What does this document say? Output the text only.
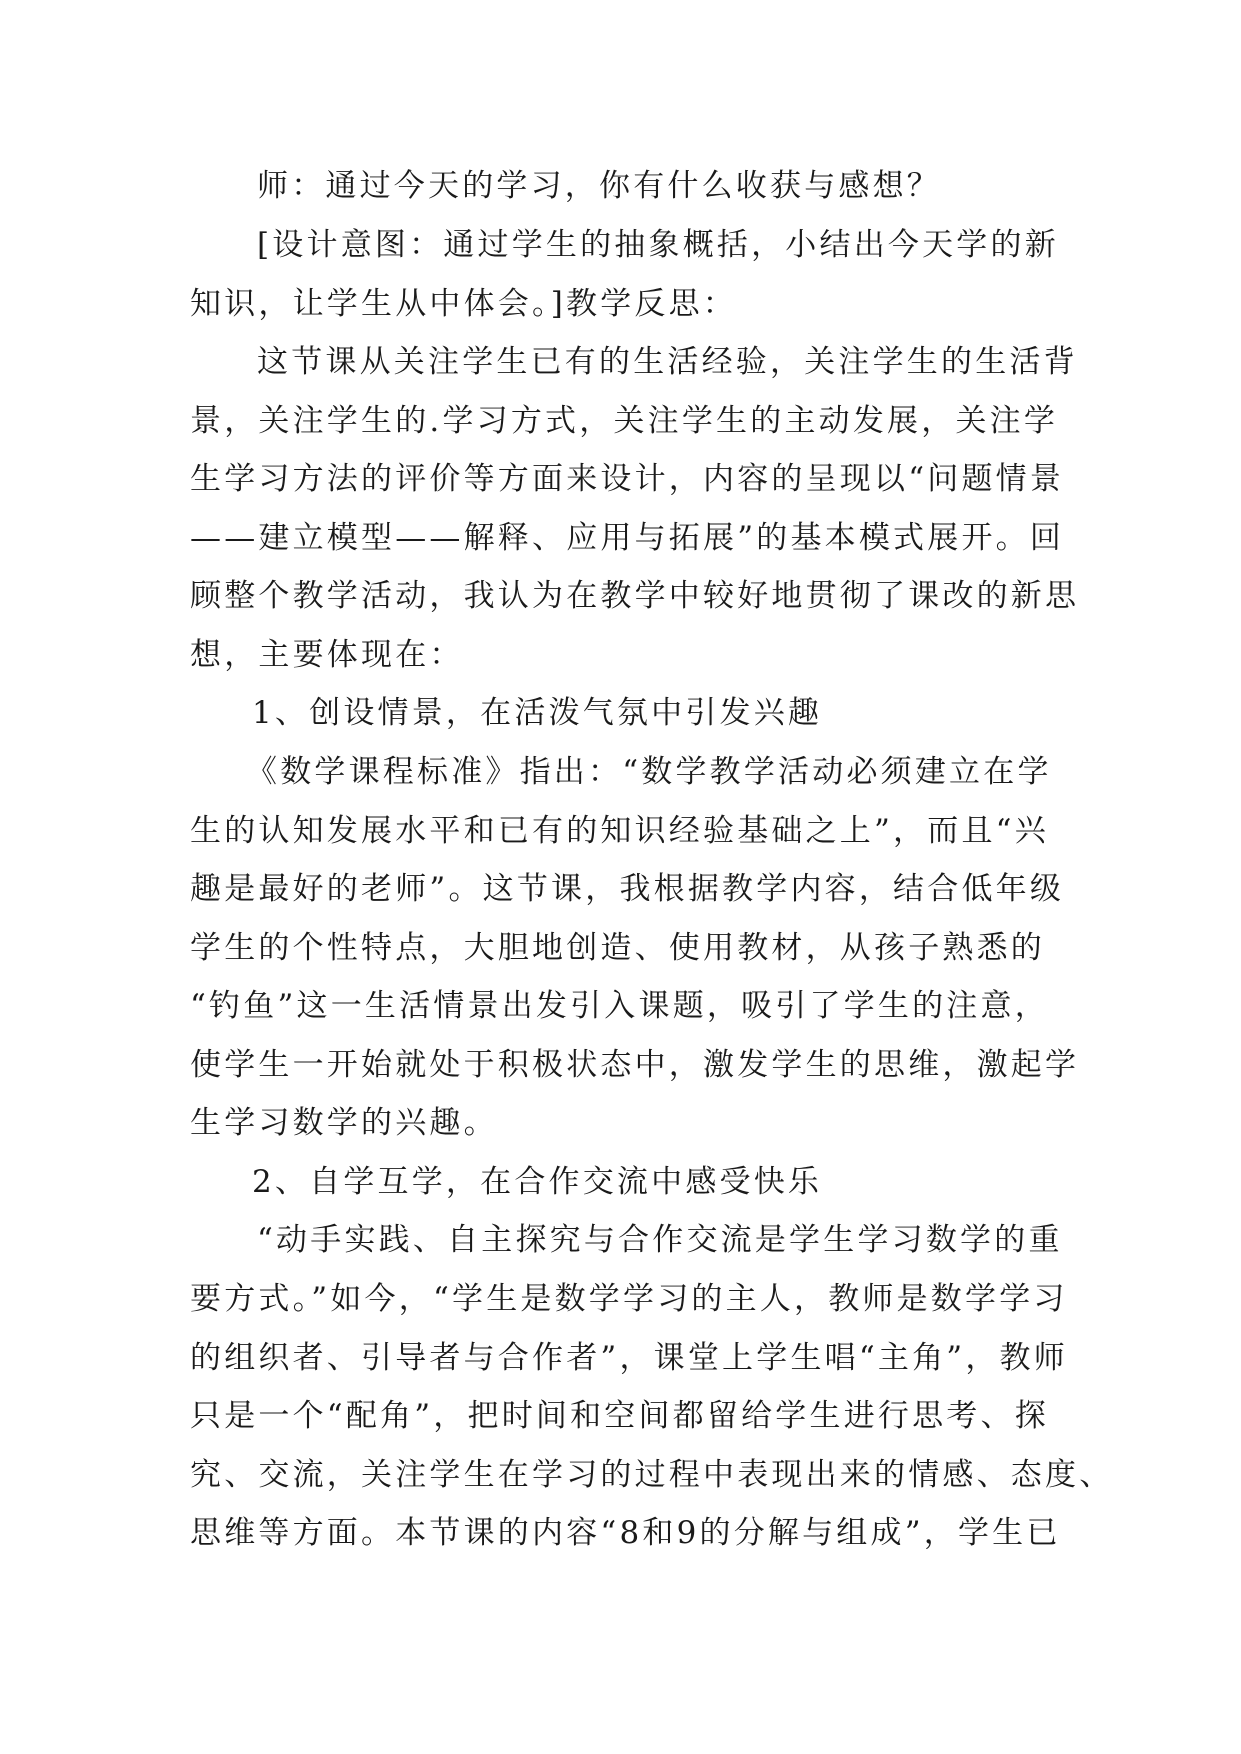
师：通过今天的学习，你有什么收获与感想？
[设计意图：通过学生的抽象概括，小结出今天学的新
知识，让学生从中体会。]教学反思：
这节课从关注学生已有的生活经验，关注学生的生活背
景，关注学生的.学习方式，关注学生的主动发展，关注学
生学习方法的评价等方面来设计，内容的呈现以“问题情景
——建立模型——解释、应用与拓展”的基本模式展开。回
顾整个教学活动，我认为在教学中较好地贯彻了课改的新思
想，主要体现在：
1、创设情景，在活泼气氛中引发兴趣
《数学课程标准》指出：“数学教学活动必须建立在学
生的认知发展水平和已有的知识经验基础之上”，而且“兴
趣是最好的老师”。这节课，我根据教学内容，结合低年级
学生的个性特点，大胆地创造、使用教材，从孩子熟悉的
“钓鱼”这一生活情景出发引入课题，吸引了学生的注意，
使学生一开始就处于积极状态中，激发学生的思维，激起学
生学习数学的兴趣。
2、自学互学，在合作交流中感受快乐
“动手实践、自主探究与合作交流是学生学习数学的重
要方式。”如今，“学生是数学学习的主人，教师是数学学习
的组织者、引导者与合作者”，课堂上学生唱“主角”，教师
只是一个“配角”，把时间和空间都留给学生进行思考、探
究、交流，关注学生在学习的过程中表现出来的情感、态度、
思维等方面。本节课的内容“8和9的分解与组成”，学生已
